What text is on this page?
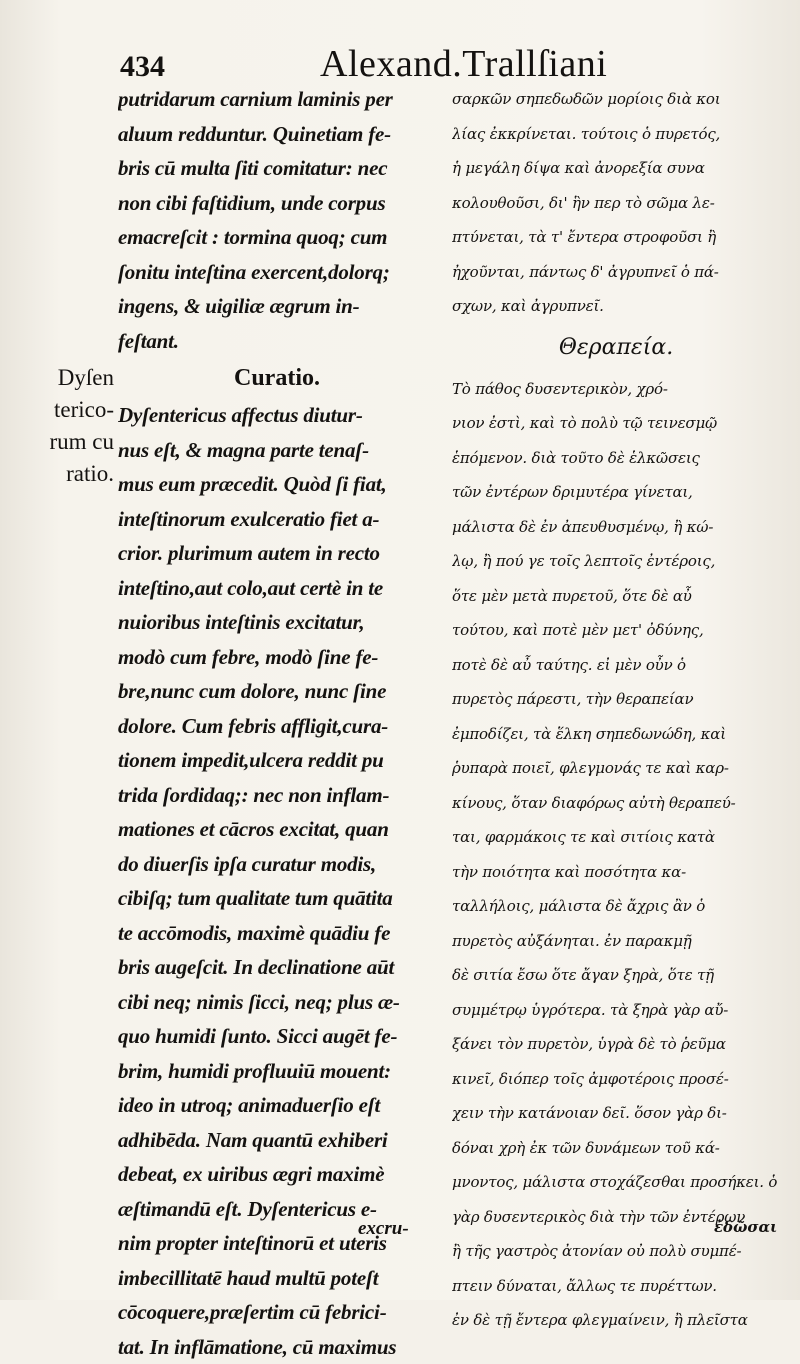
434	Alexand.Trallſiani
Dyſen
terico-
rum cu
ratio.
putridarum carnium laminis per
aluum redduntur. Quinetiam fe-
bris cū multa ſiti comitatur: nec
non cibi faſtidium, unde corpus
emacreſcit : tormina quoq; cum
ſonitu inteſtina exercent,dolorq;
ingens, & uigiliæ ægrum in-
feſtant.
Curatio.
Dyſentericus affectus diutur-
nus eſt, & magna parte tenaſ-
mus eum præcedit. Quòd ſi fiat,
inteſtinorum exulceratio fiet a-
crior. plurimum autem in recto
inteſtino,aut colo,aut certè in te
nuioribus inteſtinis excitatur,
modò cum febre, modò ſine fe-
bre,nunc cum dolore, nunc ſine
dolore. Cum febris affligit,cura-
tionem impedit,ulcera reddit pu
trida ſordidaq;: nec non inflam-
mationes et cācros excitat, quan
do diuerſis ipſa curatur modis,
cibiſq; tum qualitate tum quātita
te accōmodis, maximè quādiu fe
bris augeſcit. In declinatione aūt
cibi neq; nimis ſicci, neq; plus æ-
quo humidi ſunto. Sicci augēt fe-
brim, humidi profluuiū mouent:
ideo in utroq; animaduerſio eſt
adhibēda. Nam quantū exhiberi
debeat, ex uiribus ægri maximè
æſtimandū eſt. Dyſentericus e-
nim propter inteſtinorū et uteris
imbecillitatē haud multū poteſt
cōcoquere,præſertim cū febrici-
tat. In inflāmatione, cū maximus
σαρκῶν σηπεδωδῶν μορίοις διὰ κοι
λίας ἐκκρίνεται. τούτοις ὁ πυρετός,
ἡ μεγάλη δίψα καὶ ἀνορεξία συνα
κολουθοῦσι, δι' ἣν περ τὸ σῶμα λε-
πτύνεται, τὰ τ' ἔντερα στροφοῦσι ἢ
ἠχοῦνται, πάντως δ' ἀγρυπνεῖ ὁ πά-
σχων, καὶ ἀγρυπνεῖ.
Θεραπεία.
Τὸ πάθος δυσεντερικὸν, χρό-
νιον ἐστὶ, καὶ τὸ πολὺ τῷ τεινεσμῷ
ἑπόμενον. διὰ τοῦτο δὲ ἑλκῶσεις
τῶν ἐντέρων δριμυτέρα γίνεται,
μάλιστα δὲ ἐν ἀπευθυσμένῳ, ἢ κώ-
λῳ, ἢ πού γε τοῖς λεπτοῖς ἐντέροις,
ὅτε μὲν μετὰ πυρετοῦ, ὅτε δὲ αὖ
τούτου, καὶ ποτὲ μὲν μετ' ὀδύνης,
ποτὲ δὲ αὖ ταύτης. εἰ μὲν οὖν ὁ
πυρετὸς πάρεστι, τὴν θεραπείαν
ἐμποδίζει, τὰ ἕλκη σηπεδωνώδη, καὶ
ῥυπαρὰ ποιεῖ, φλεγμονάς τε καὶ καρ-
κίνους, ὅταν διαφόρως αὐτὴ θεραπεύ-
ται, φαρμάκοις τε καὶ σιτίοις κατὰ
τὴν ποιότητα καὶ ποσότητα κα-
ταλλήλοις, μάλιστα δὲ ἄχρις ἂν ὁ
πυρετὸς αὐξάνηται. ἐν παρακμῇ
δὲ σιτία ἔσω ὅτε ἄγαν ξηρὰ, ὅτε τῇ
συμμέτρῳ ὑγρότερα. τὰ ξηρὰ γὰρ αὔ-
ξάνει τὸν πυρετὸν, ὑγρὰ δὲ τὸ ῥεῦμα
κινεῖ, διόπερ τοῖς ἀμφοτέροις προσέ-
χειν τὴν κατάνοιαν δεῖ. ὅσον γὰρ δι-
δόναι χρὴ ἐκ τῶν δυνάμεων τοῦ κά-
μνοντος, μάλιστα στοχάζεσθαι προσήκει. ὁ
γὰρ δυσεντερικὸς διὰ τὴν τῶν ἐντέρων
ἢ τῆς γαστρὸς ἀτονίαν οὐ πολὺ συμπέ-
πτειν δύναται, ἄλλως τε πυρέττων.
ἐν δὲ τῇ ἔντερα φλεγμαίνειν, ἢ πλεῖστα
excru-	ἐδῶσαι
